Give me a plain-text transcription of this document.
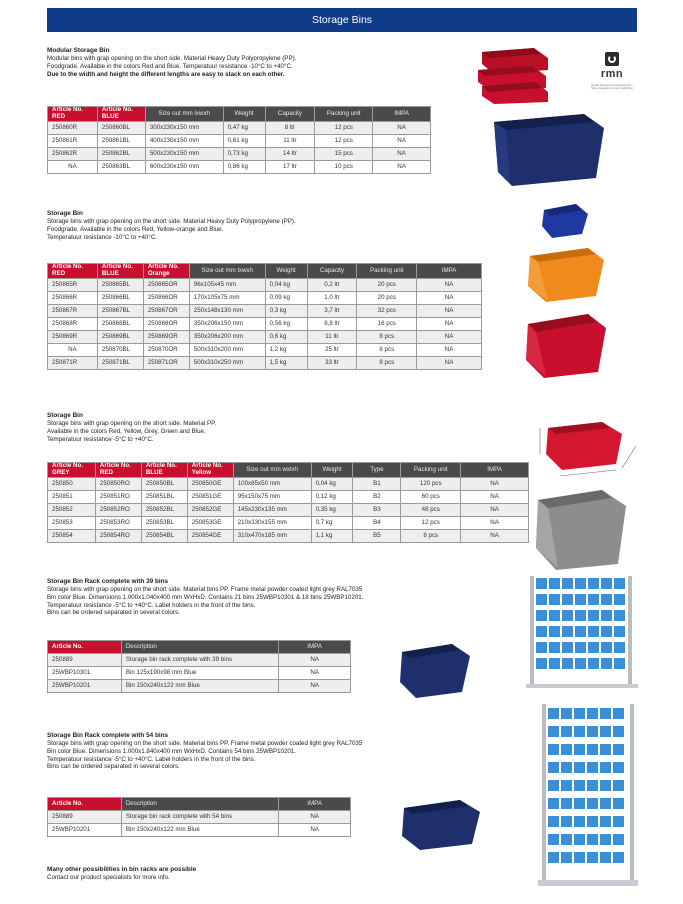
Storage Bins
Modular Storage Bin
Modular bins with grap opening on the short side. Material Heavy Duty Polypropylene (PP).
Foodgrade. Available in the colors Red and Blue. Temperatuur resistance -10°C to +40°C.
Due to the width and height the different lengths are easy to stack on each other.
Article No. RED	Article No. BLUE	Size out mm lxwxh	Weight	Capacity	Packing unit	IMPA
250860R	250860BL	300x230x150 mm	0,47 kg	8 ltr	12 pcs	NA
250861R	250861BL	400x230x150 mm	0,61 kg	11 ltr	12 pcs	NA
250862R	250862BL	500x230x150 mm	0,73 kg	14 ltr	15 pcs	NA
NA	250863BL	600x230x150 mm	0,86 kg	17 ltr	10 pcs	NA
Storage Bin
Storage bins with grap opening on the short side. Material Heavy Duty Polypropylene (PP).
Foodgrade. Available in the colors Red, Yellow-orange and Blue.
Temperatuur resistance -10°C to +40°C.
Article No. RED	Article No. BLUE	Article No. Orange	Size out mm lxwxh	Weight	Capacity	Packing unit	IMPA
250865R	250865BL	250865OR	96x105x45 mm	0,04 kg	0,2 ltr	20 pcs	NA
250866R	250866BL	250866OR	170x105x75 mm	0,09 kg	1,0 ltr	20 pcs	NA
250867R	250867BL	250867OR	250x148x130 mm	0,3 kg	3,7 ltr	32 pcs	NA
250868R	250868BL	250868OR	350x206x150 mm	0,56 kg	8,8 ltr	16 pcs	NA
250869R	250869BL	250869OR	350x206x200 mm	0,6 kg	11 ltr	8 pcs	NA
NA	250870BL	250870OR	500x310x200 mm	1,2 kg	25 ltr	8 pcs	NA
250871R	250871BL	250871OR	500x310x250 mm	1,5 kg	33 ltr	8 pcs	NA
Storage Bin
Storage bins with grap opening on the short side. Material PP.
Available in the colors Red, Yellow, Grey, Green and Blue.
Temperatuur resistance -5°C to +40°C.
Article No. GREY	Article No. RED	Article No. BLUE	Article No. Yellow	Size out mm wxlxh	Weight	Type	Packing unit	IMPA
250850	250850RO	250850BL	250850GE	100x85x50 mm	0,04 kg	B1	120 pcs	NA
250851	250851RO	250851BL	250851GE	95x150x75 mm	0,12 kg	B2	60 pcs	NA
250852	250852RO	250852BL	250852GE	145x230x135 mm	0,35 kg	B3	48 pcs	NA
250853	250853RO	250853BL	250853GE	210x330x155 mm	0,7 kg	B4	12 pcs	NA
250854	250854RO	250854BL	250854GE	310x470x185 mm	1,1 kg	B5	8 pcs	NA
Storage Bin Rack complete with 39 bins
Storage bins with grap opening on the short side. Material bins PP. Frame metal powder coated light grey RAL7035
Bin color Blue. Dimensions 1.000x1.040x400 mm WxHxD. Contains 21 bins 25WBP10301 & 18 bins 25WBP10201.
Temperatuur resistance -5°C to +40°C. Label holders in the front of the bins.
Bins can be ordered separated in several colors.
Article No.	Description	IMPA
250889	Storage bin rack complete with 39 bins	NA
25WBP10301	Bin 125x190x98 mm Blue	NA
25WBP10201	Bin 150x240x122 mm Blue	NA
Storage Bin Rack complete with 54 bins
Storage bins with grap opening on the short side. Material bins PP. Frame metal powder coated light grey RAL7035
Bin color Blue. Dimensions 1.000x1.840x400 mm WxHxD. Contains 54 bins 25WBP10201.
Temperatuur resistance -5°C to +40°C. Label holders in the front of the bins.
Bins can be ordered separated in several colors.
Article No.	Description	IMPA
250889	Storage bin rack complete with 54 bins	NA
25WBP10201	Bin 150x240x122 mm Blue	NA
Many other possibilities in bin racks are possible
Contact our product specialists for more info.
rmn
Royalty Management Netherland B.V.
Store management since Freilight/Ing
